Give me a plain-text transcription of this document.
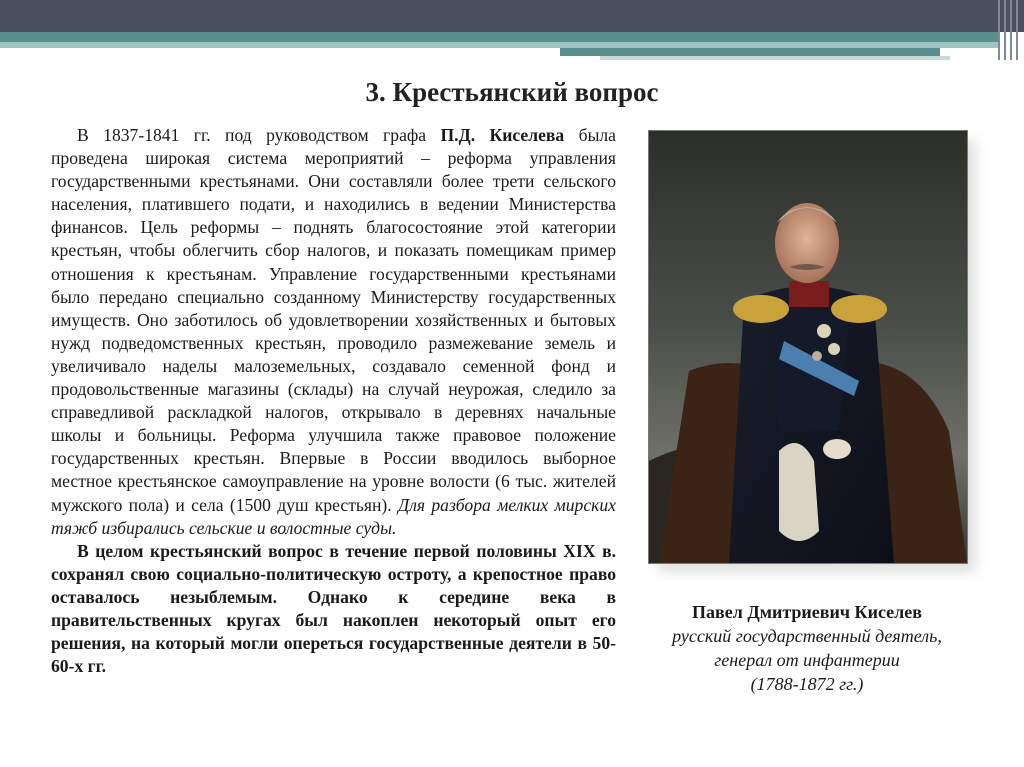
3. Крестьянский вопрос

В 1837-1841 гг. под руководством графа П.Д. Киселева была проведена широкая система мероприятий – реформа управления государственными крестьянами. Они составляли более трети сельского населения, платившего подати, и находились в ведении Министерства финансов. Цель реформы – поднять благосостояние этой категории крестьян, чтобы облегчить сбор налогов, и показать помещикам пример отношения к крестьянам. Управление государственными крестьянами было передано специально созданному Министерству государственных имуществ. Оно заботилось об удовлетворении хозяйственных и бытовых нужд подведомственных крестьян, проводило размежевание земель и увеличивало наделы малоземельных, создавало семенной фонд и продовольственные магазины (склады) на случай неурожая, следило за справедливой раскладкой налогов, открывало в деревнях начальные школы и больницы. Реформа улучшила также правовое положение государственных крестьян. Впервые в России вводилось выборное местное крестьянское самоуправление на уровне волости (6 тыс. жителей мужского пола) и села (1500 душ крестьян). Для разбора мелких мирских тяжб избирались сельские и волостные суды.

В целом крестьянский вопрос в течение первой половины XIX в. сохранял свою социально-политическую остроту, а крепостное право оставалось незыблемым. Однако к середине века в правительственных кругах был накоплен некоторый опыт его решения, на который могли опереться государственные деятели в 50-60-х гг.

Павел Дмитриевич Киселев
русский государственный деятель,
генерал от инфантерии
(1788-1872 гг.)
